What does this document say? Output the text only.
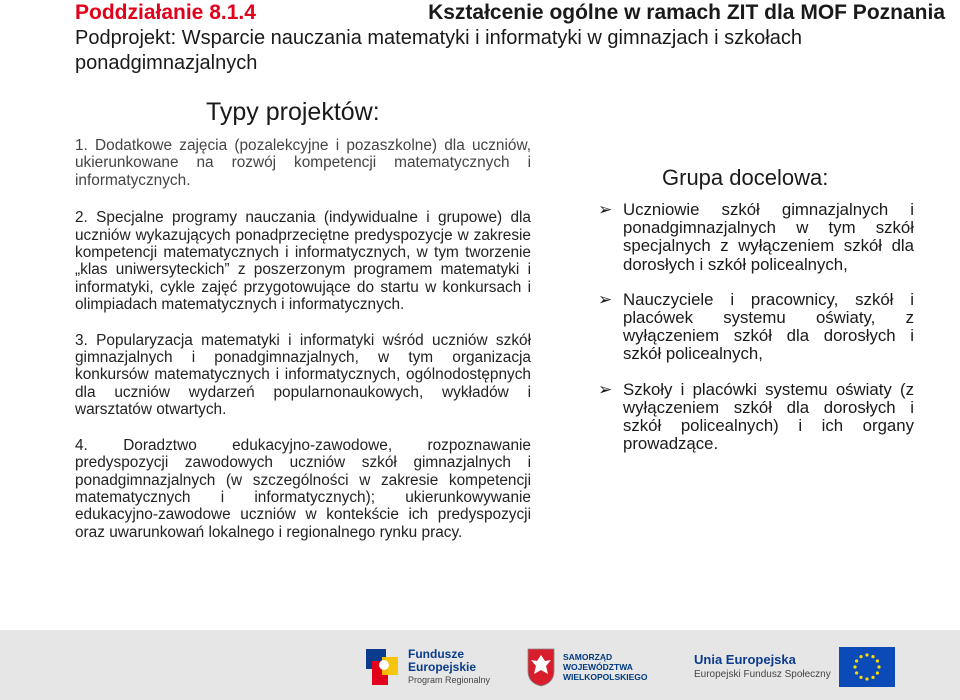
Poddziałanie 8.1.4	Kształcenie ogólne w ramach ZIT dla MOF Poznania
Podprojekt: Wsparcie nauczania matematyki i informatyki w gimnazjach i szkołach
ponadgimnazjalnych
Typy projektów:

1. Dodatkowe zajęcia (pozalekcyjne i pozaszkolne) dla uczniów, ukierunkowane na rozwój kompetencji matematycznych i informatycznych.

2. Specjalne programy nauczania (indywidualne i grupowe) dla uczniów wykazujących ponadprzeciętne predyspozycje w zakresie kompetencji matematycznych i informatycznych, w tym tworzenie „klas uniwersyteckich” z poszerzonym programem matematyki i informatyki, cykle zajęć przygotowujące do startu w konkursach i olimpiadach matematycznych i informatycznych.

3. Popularyzacja matematyki i informatyki wśród uczniów szkół gimnazjalnych i ponadgimnazjalnych, w tym organizacja konkursów matematycznych i informatycznych, ogólnodostępnych dla uczniów wydarzeń popularnonaukowych, wykładów i warsztatów otwartych.

4. Doradztwo edukacyjno-zawodowe, rozpoznawanie predyspozycji zawodowych uczniów szkół gimnazjalnych i ponadgimnazjalnych (w szczególności w zakresie kompetencji matematycznych i informatycznych); ukierunkowywanie edukacyjno-zawodowe uczniów w kontekście ich predyspozycji oraz uwarunkowań lokalnego i regionalnego rynku pracy.

Grupa docelowa:
➢ Uczniowie szkół gimnazjalnych i ponadgimnazjalnych w tym szkół specjalnych z wyłączeniem szkół dla dorosłych i szkół policealnych,
➢ Nauczyciele i pracownicy, szkół i placówek systemu oświaty, z wyłączeniem szkół dla dorosłych i szkół policealnych,
➢ Szkoły i placówki systemu oświaty (z wyłączeniem szkół dla dorosłych i szkół policealnych) i ich organy prowadzące.
Fundusze
Europejskie
Program Regionalny
SAMORZĄD WOJEWÓDZTWA
WIELKOPOLSKIEGO
Unia Europejska
Europejski Fundusz Społeczny
